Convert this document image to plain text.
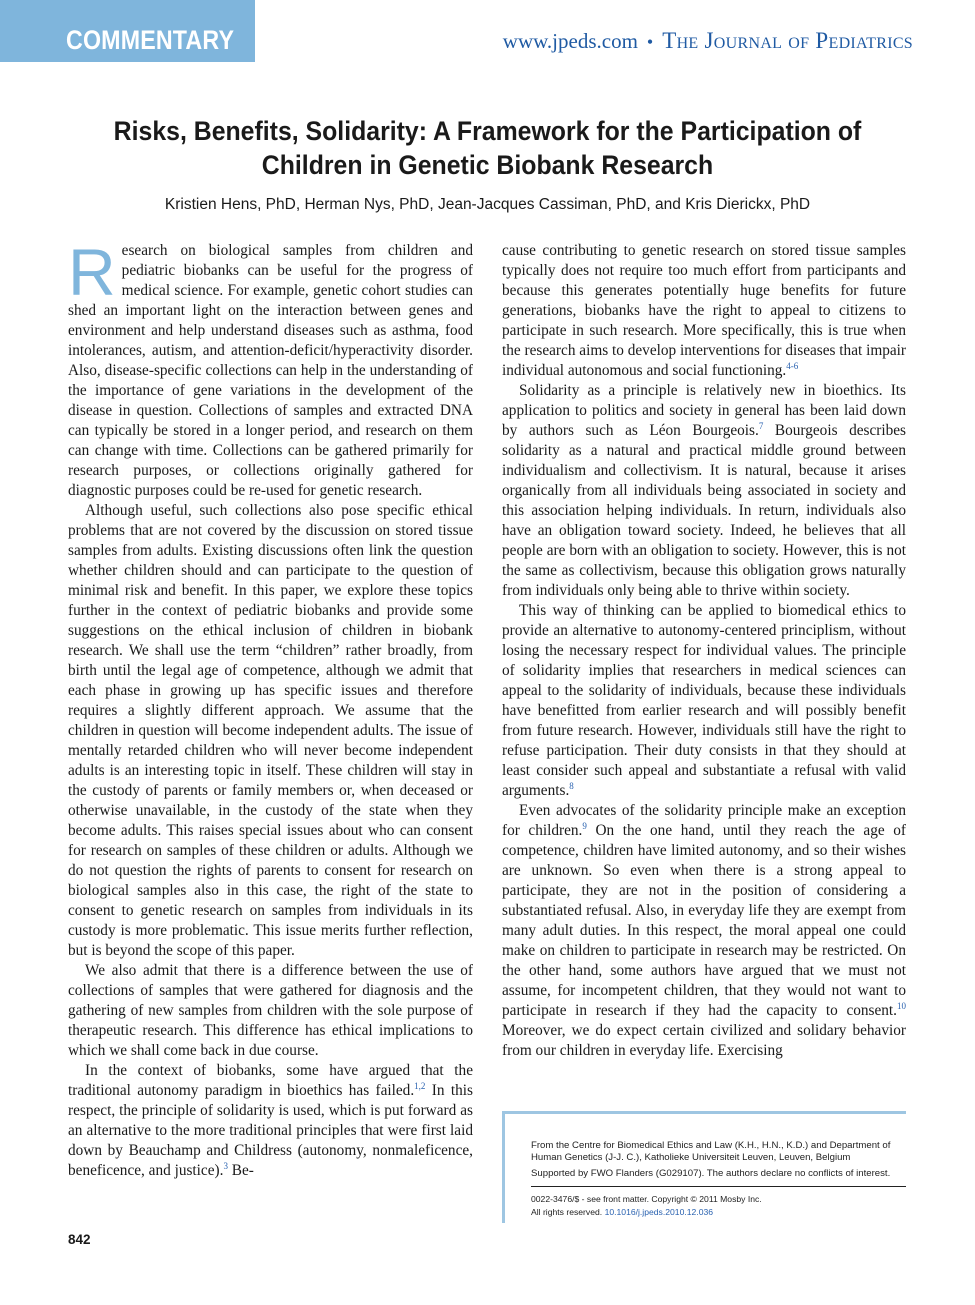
COMMENTARY	www.jpeds.com • The Journal of Pediatrics
Risks, Benefits, Solidarity: A Framework for the Participation of Children in Genetic Biobank Research
Kristien Hens, PhD, Herman Nys, PhD, Jean-Jacques Cassiman, PhD, and Kris Dierickx, PhD

Research on biological samples from children and pediatric biobanks can be useful for the progress of medical science. For example, genetic cohort studies can shed an important light on the interaction between genes and environment and help understand diseases such as asthma, food intolerances, autism, and attention-deficit/hyperactivity disorder. Also, disease-specific collections can help in the understanding of the importance of gene variations in the development of the disease in question. Collections of samples and extracted DNA can typically be stored in a longer period, and research on them can change with time. Collections can be gathered primarily for research purposes, or collections originally gathered for diagnostic purposes could be re-used for genetic research.

Although useful, such collections also pose specific ethical problems that are not covered by the discussion on stored tissue samples from adults. Existing discussions often link the question whether children should and can participate to the question of minimal risk and benefit. In this paper, we explore these topics further in the context of pediatric biobanks and provide some suggestions on the ethical inclusion of children in biobank research. We shall use the term “children” rather broadly, from birth until the legal age of competence, although we admit that each phase in growing up has specific issues and therefore requires a slightly different approach. We assume that the children in question will become independent adults. The issue of mentally retarded children who will never become independent adults is an interesting topic in itself. These children will stay in the custody of parents or family members or, when deceased or otherwise unavailable, in the custody of the state when they become adults. This raises special issues about who can consent for research on samples of these children or adults. Although we do not question the rights of parents to consent for research on biological samples also in this case, the right of the state to consent to genetic research on samples from individuals in its custody is more problematic. This issue merits further reflection, but is beyond the scope of this paper.

We also admit that there is a difference between the use of collections of samples that were gathered for diagnosis and the gathering of new samples from children with the sole purpose of therapeutic research. This difference has ethical implications to which we shall come back in due course.

In the context of biobanks, some have argued that the traditional autonomy paradigm in bioethics has failed.$^{1,2}$ In this respect, the principle of solidarity is used, which is put forward as an alternative to the more traditional principles that were first laid down by Beauchamp and Childress (autonomy, nonmaleficence, beneficence, and justice).$^3$ Be-

cause contributing to genetic research on stored tissue samples typically does not require too much effort from participants and because this generates potentially huge benefits for future generations, biobanks have the right to appeal to citizens to participate in such research. More specifically, this is true when the research aims to develop interventions for diseases that impair individual autonomous and social functioning.$^{4-6}$

Solidarity as a principle is relatively new in bioethics. Its application to politics and society in general has been laid down by authors such as Léon Bourgeois.$^7$ Bourgeois describes solidarity as a natural and practical middle ground between individualism and collectivism. It is natural, because it arises organically from all individuals being associated in society and this association helping individuals. In return, individuals also have an obligation toward society. Indeed, he believes that all people are born with an obligation to society. However, this is not the same as collectivism, because this obligation grows naturally from individuals only being able to thrive within society.

This way of thinking can be applied to biomedical ethics to provide an alternative to autonomy-centered principlism, without losing the necessary respect for individual values. The principle of solidarity implies that researchers in medical sciences can appeal to the solidarity of individuals, because these individuals have benefitted from earlier research and will possibly benefit from future research. However, individuals still have the right to refuse participation. Their duty consists in that they should at least consider such appeal and substantiate a refusal with valid arguments.$^8$

Even advocates of the solidarity principle make an exception for children.$^9$ On the one hand, until they reach the age of competence, children have limited autonomy, and so their wishes are unknown. So even when there is a strong appeal to participate, they are not in the position of considering a substantiated refusal. Also, in everyday life they are exempt from many adult duties. In this respect, the moral appeal one could make on children to participate in research may be restricted. On the other hand, some authors have argued that we must not assume, for incompetent children, that they would not want to participate in research if they had the capacity to consent.$^{10}$ Moreover, we do expect certain civilized and solidary behavior from our children in everyday life. Exercising

From the Centre for Biomedical Ethics and Law (K.H., H.N., K.D.) and Department of Human Genetics (J-J. C.), Katholieke Universiteit Leuven, Leuven, Belgium
Supported by FWO Flanders (G029107). The authors declare no conflicts of interest.
0022-3476/$ - see front matter. Copyright © 2011 Mosby Inc.
All rights reserved. 10.1016/j.jpeds.2010.12.036
842
